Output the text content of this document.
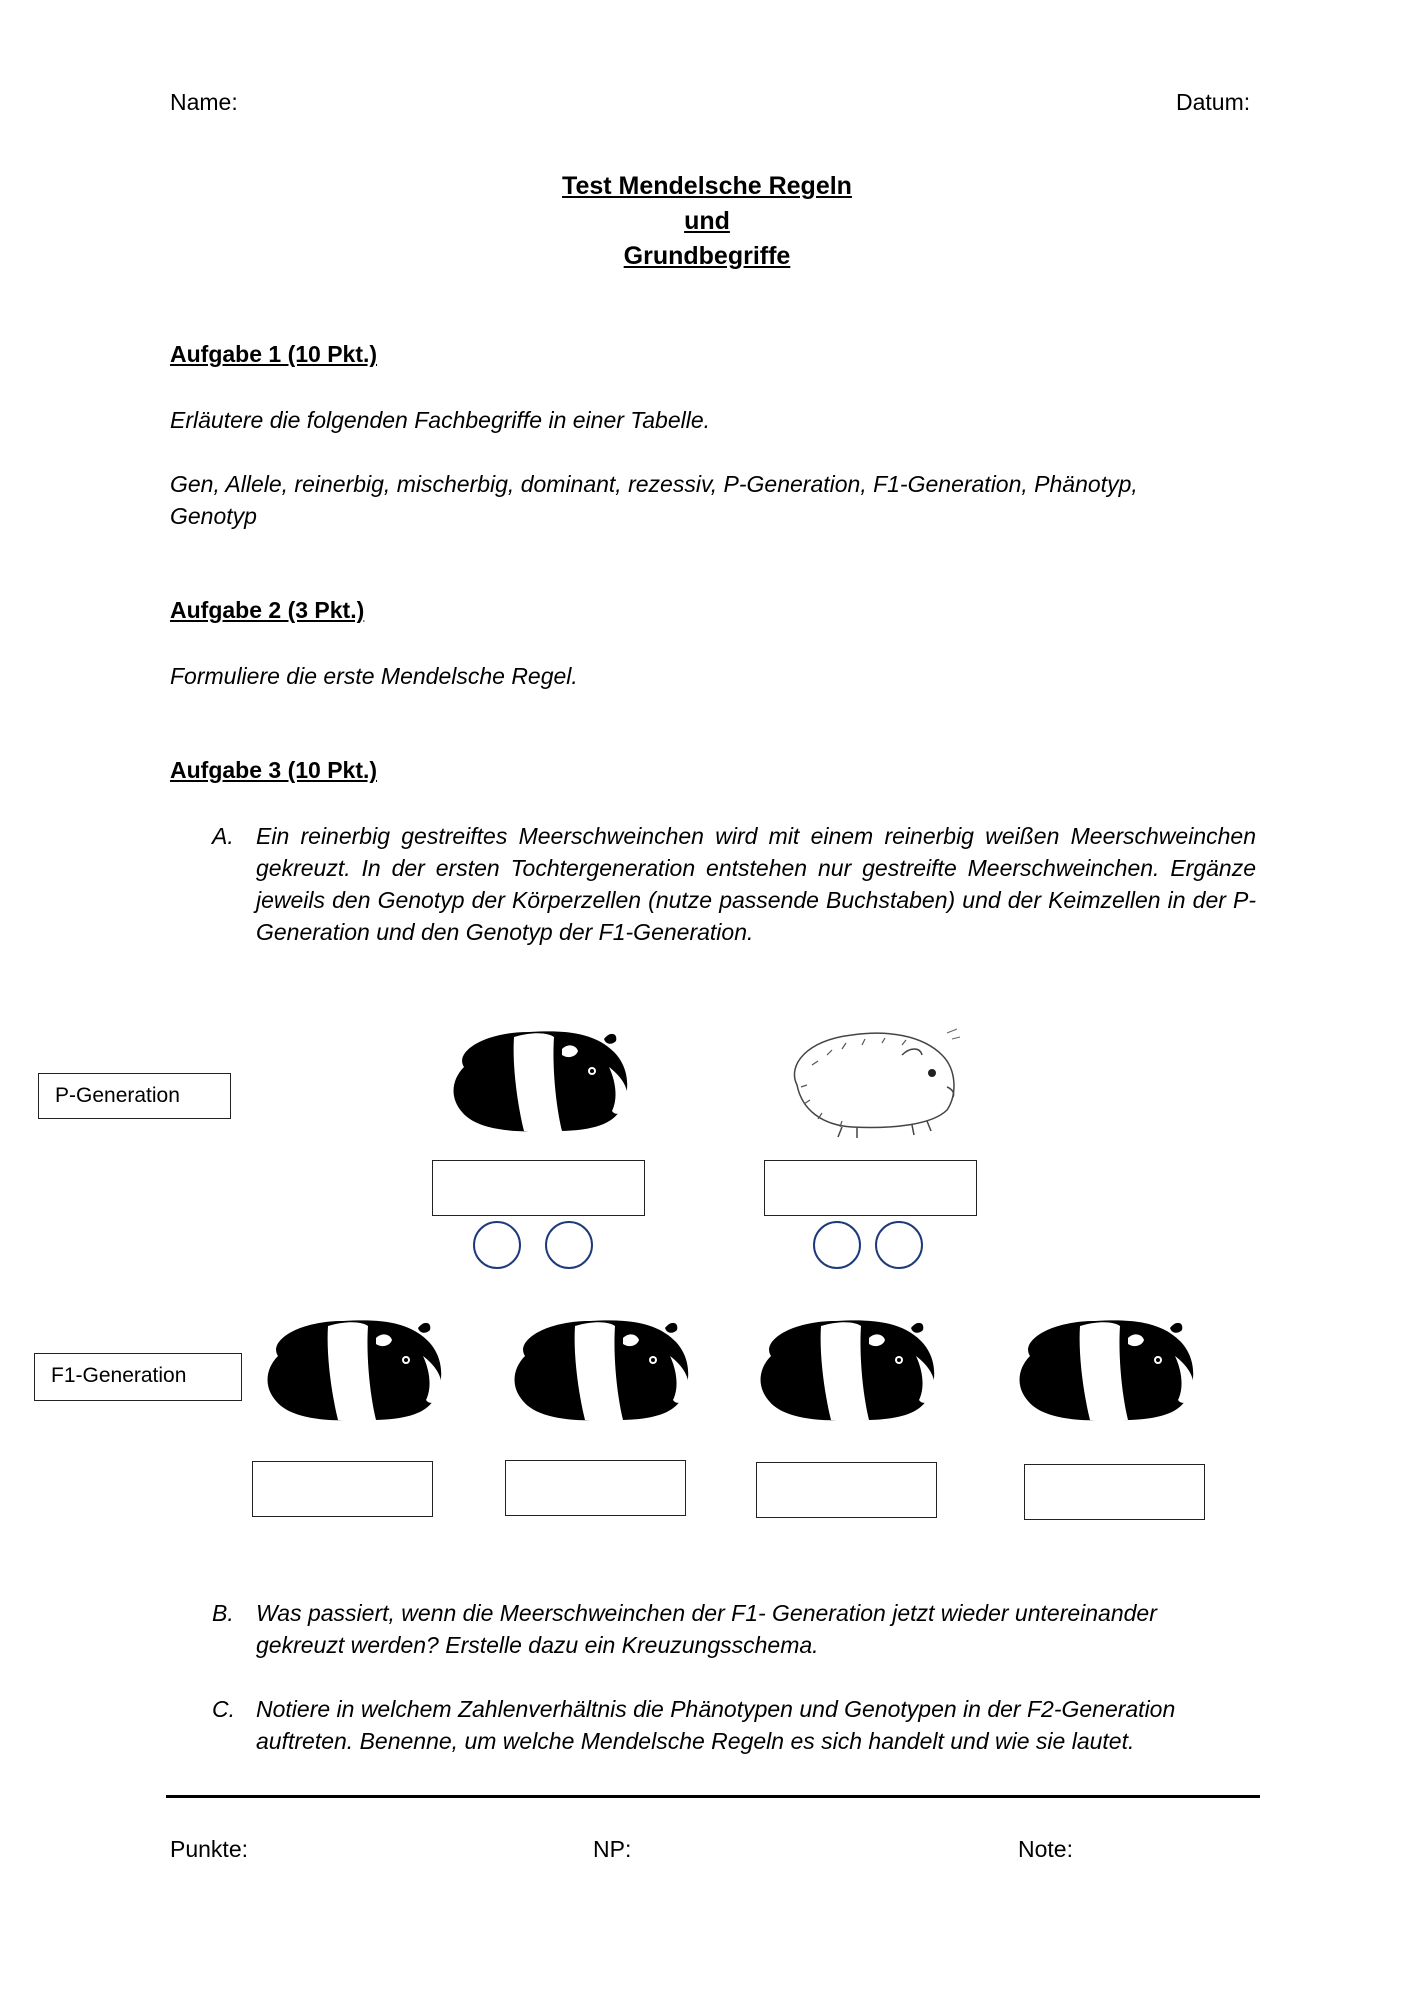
Name:	Datum:
Test Mendelsche Regeln
und
Grundbegriffe
Aufgabe 1 (10 Pkt.)
Erläutere die folgenden Fachbegriffe in einer Tabelle.
Gen, Allele, reinerbig, mischerbig, dominant, rezessiv, P-Generation, F1-Generation, Phänotyp,
Genotyp
Aufgabe 2 (3 Pkt.)
Formuliere die erste Mendelsche Regel.
Aufgabe 3 (10 Pkt.)
A. Ein reinerbig gestreiftes Meerschweinchen wird mit einem reinerbig weißen Meerschweinchen gekreuzt. In der ersten Tochtergeneration entstehen nur gestreifte Meerschweinchen. Ergänze jeweils den Genotyp der Körperzellen (nutze passende Buchstaben) und der Keimzellen in der P-Generation und den Genotyp der F1-Generation.
P-Generation
F1-Generation
B. Was passiert, wenn die Meerschweinchen der F1- Generation jetzt wieder untereinander gekreuzt werden? Erstelle dazu ein Kreuzungsschema.
C. Notiere in welchem Zahlenverhältnis die Phänotypen und Genotypen in der F2-Generation auftreten. Benenne, um welche Mendelsche Regeln es sich handelt und wie sie lautet.
Punkte:	NP:	Note:
